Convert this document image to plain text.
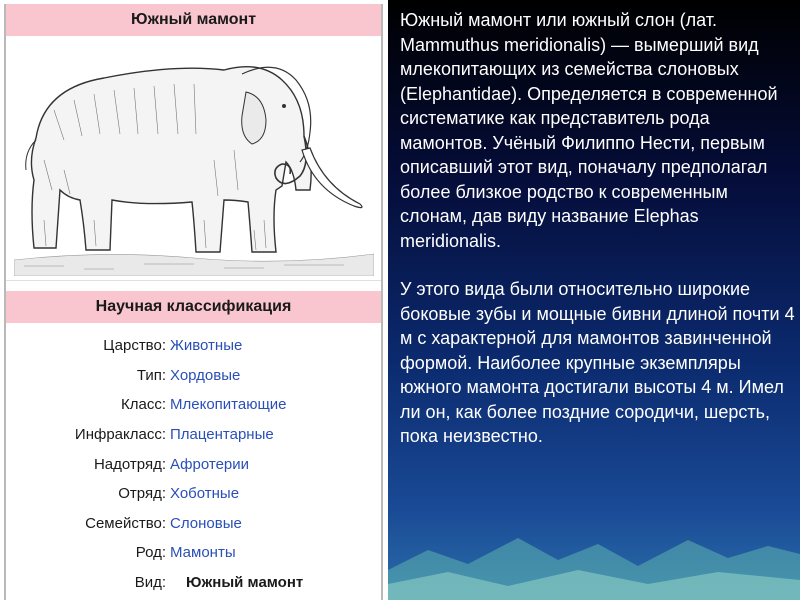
Южный мамонт
Научная классификация
Царство: Животные
Тип: Хордовые
Класс: Млекопитающие
Инфракласс: Плацентарные
Надотряд: Афротерии
Отряд: Хоботные
Семейство: Слоновые
Род: Мамонты
Вид:	Южный мамонт

Южный мамонт или южный слон (лат. Mammuthus meridionalis) — вымерший вид млекопитающих из семейства слоновых (Elephantidae). Определяется в современной систематике как представитель рода мамонтов. Учёный Филиппо Нести, первым описавший этот вид, поначалу предполагал более близкое родство к современным слонам, дав виду название Elephas meridionalis.

У этого вида были относительно широкие боковые зубы и мощные бивни длиной почти 4 м с характерной для мамонтов завинченной формой. Наиболее крупные экземпляры южного мамонта достигали высоты 4 м. Имел ли он, как более поздние сородичи, шерсть, пока неизвестно.
